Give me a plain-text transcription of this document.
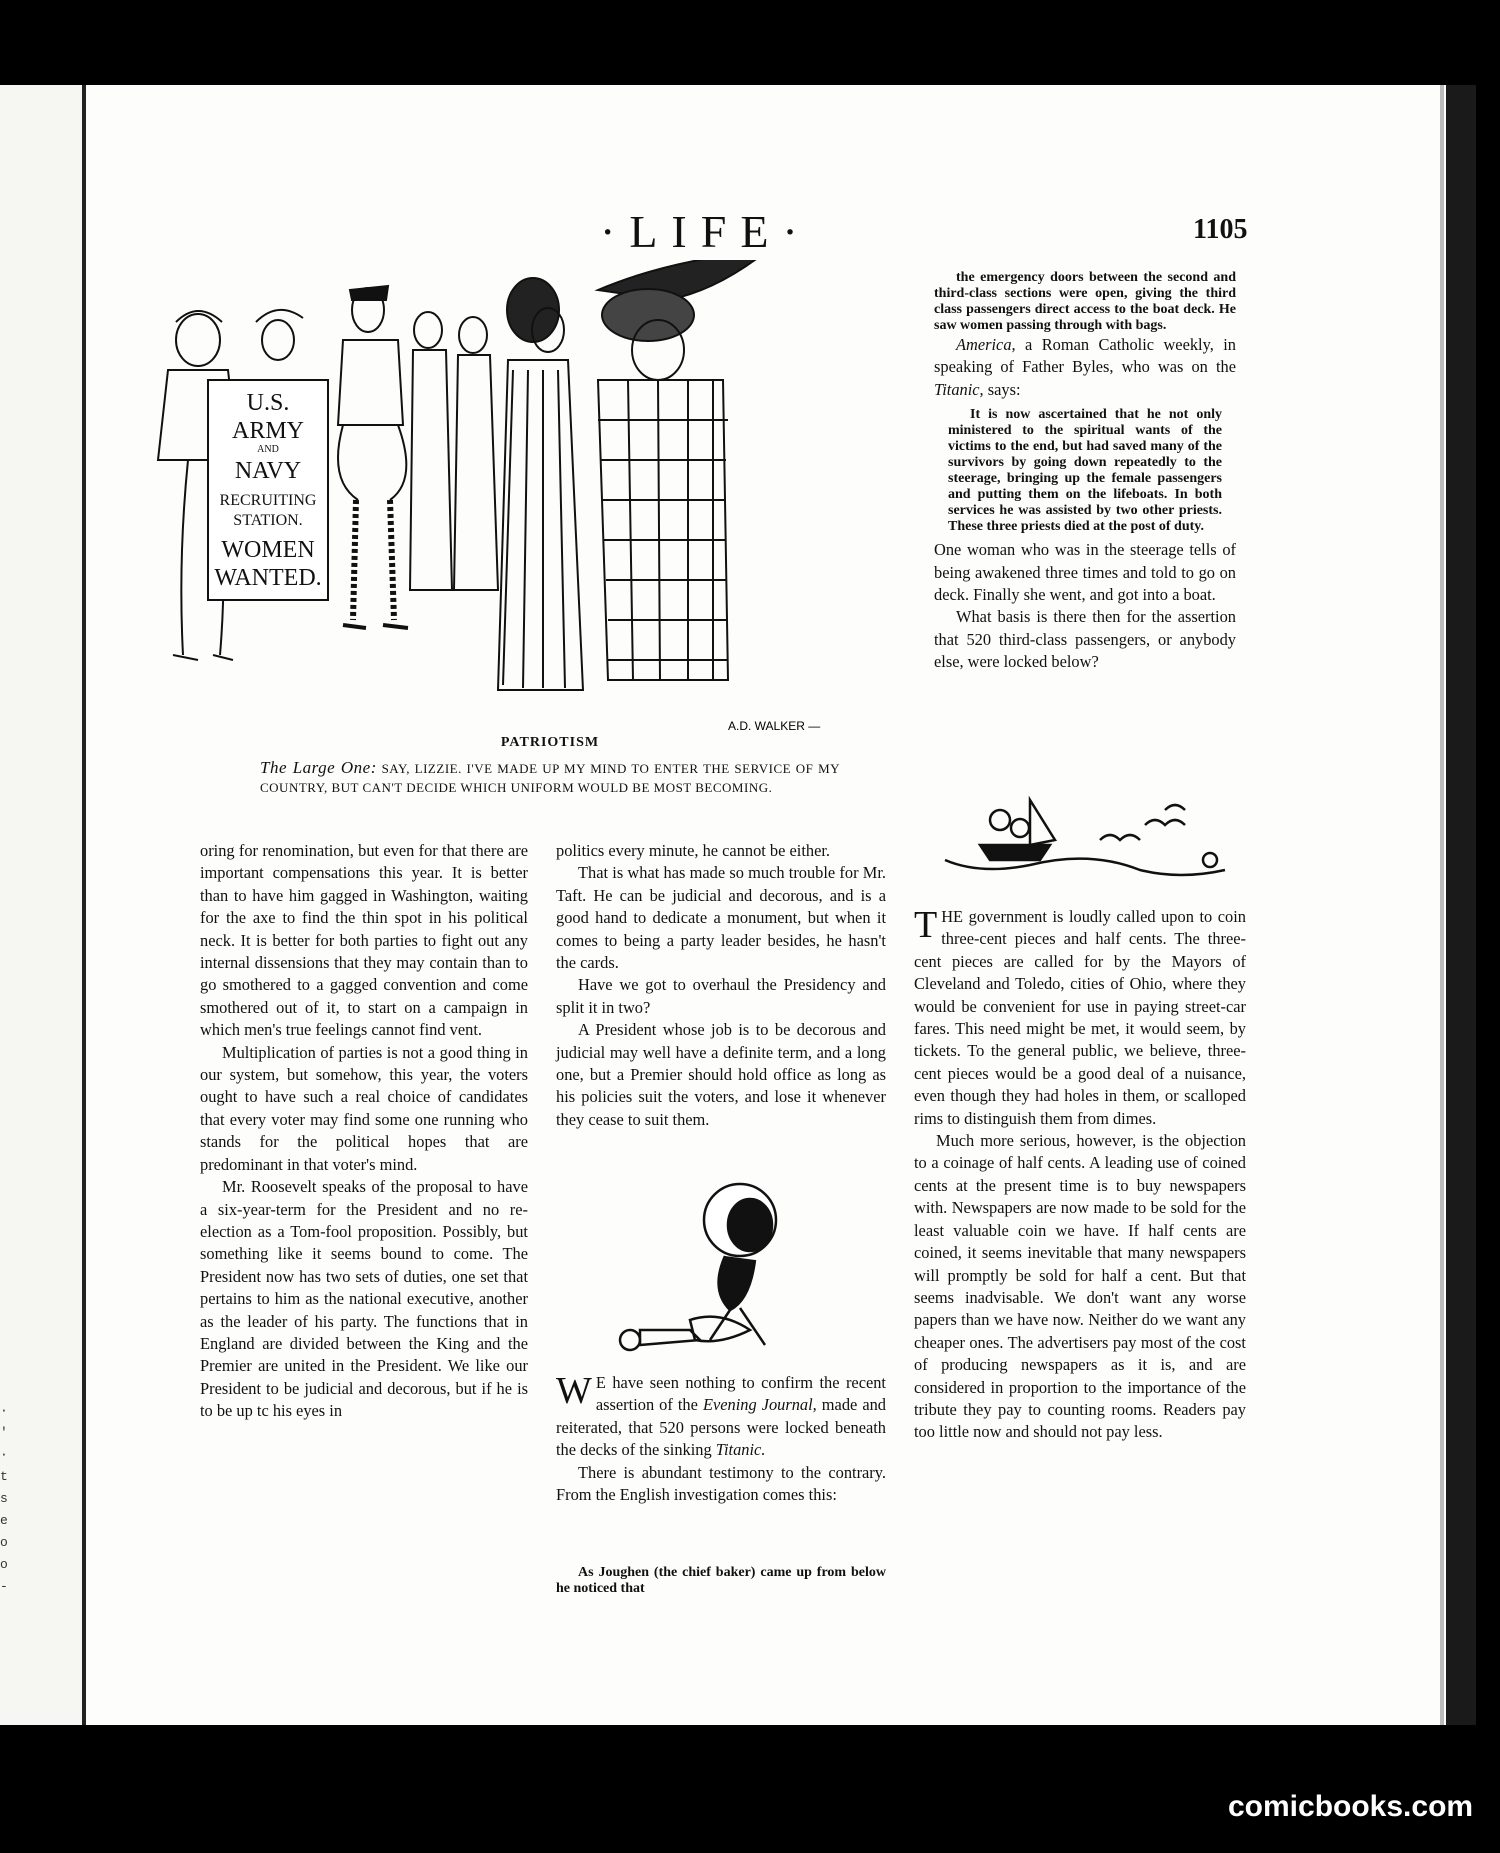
·
'
·
t
s
e
o
o
-
·LIFE·	1105
U.S.
ARMY
AND
NAVY
RECRUITING
STATION.
WOMEN
WANTED.
A.D. WALKER —
PATRIOTISM
The Large One: SAY, LIZZIE. I'VE MADE UP MY MIND TO ENTER THE SERVICE OF MY COUNTRY, BUT CAN'T DECIDE WHICH UNIFORM WOULD BE MOST BECOMING.

oring for renomination, but even for that there are important compensations this year. It is better than to have him gagged in Washington, waiting for the axe to find the thin spot in his political neck. It is better for both parties to fight out any internal dissensions that they may contain than to go smothered to a gagged convention and come smothered out of it, to start on a campaign in which men's true feelings cannot find vent.

Multiplication of parties is not a good thing in our system, but somehow, this year, the voters ought to have such a real choice of candidates that every voter may find some one running who stands for the political hopes that are predominant in that voter's mind.

Mr. Roosevelt speaks of the proposal to have a six-year-term for the President and no re-election as a Tom-fool proposition. Possibly, but something like it seems bound to come. The President now has two sets of duties, one set that pertains to him as the national executive, another as the leader of his party. The functions that in England are divided between the King and the Premier are united in the President. We like our President to be judicial and decorous, but if he is to be up tc his eyes in

politics every minute, he cannot be either.

That is what has made so much trouble for Mr. Taft. He can be judicial and decorous, and is a good hand to dedicate a monument, but when it comes to being a party leader besides, he hasn't the cards.

Have we got to overhaul the Presidency and split it in two?

A President whose job is to be decorous and judicial may well have a definite term, and a long one, but a Premier should hold office as long as his policies suit the voters, and lose it whenever they cease to suit them.

W E have seen nothing to confirm the recent assertion of the Evening Journal, made and reiterated, that 520 persons were locked beneath the decks of the sinking Titanic.

There is abundant testimony to the contrary. From the English investigation comes this:

As Joughen (the chief baker) came up from below he noticed that

the emergency doors between the second and third-class sections were open, giving the third class passengers direct access to the boat deck. He saw women passing through with bags.

America, a Roman Catholic weekly, in speaking of Father Byles, who was on the Titanic, says:

It is now ascertained that he not only ministered to the spiritual wants of the victims to the end, but had saved many of the survivors by going down repeatedly to the steerage, bringing up the female passengers and putting them on the lifeboats. In both services he was assisted by two other priests. These three priests died at the post of duty.

One woman who was in the steerage tells of being awakened three times and told to go on deck. Finally she went, and got into a boat.

What basis is there then for the assertion that 520 third-class passengers, or anybody else, were locked below?

THE government is loudly called upon to coin three-cent pieces and half cents. The three-cent pieces are called for by the Mayors of Cleveland and Toledo, cities of Ohio, where they would be convenient for use in paying street-car fares. This need might be met, it would seem, by tickets. To the general public, we believe, three-cent pieces would be a good deal of a nuisance, even though they had holes in them, or scalloped rims to distinguish them from dimes.

Much more serious, however, is the objection to a coinage of half cents. A leading use of coined cents at the present time is to buy newspapers with. Newspapers are now made to be sold for the least valuable coin we have. If half cents are coined, it seems inevitable that many newspapers will promptly be sold for half a cent. But that seems inadvisable. We don't want any worse papers than we have now. Neither do we want any cheaper ones. The advertisers pay most of the cost of producing newspapers as it is, and are considered in proportion to the importance of the tribute they pay to counting rooms. Readers pay too little now and should not pay less.

comicbooks.com
